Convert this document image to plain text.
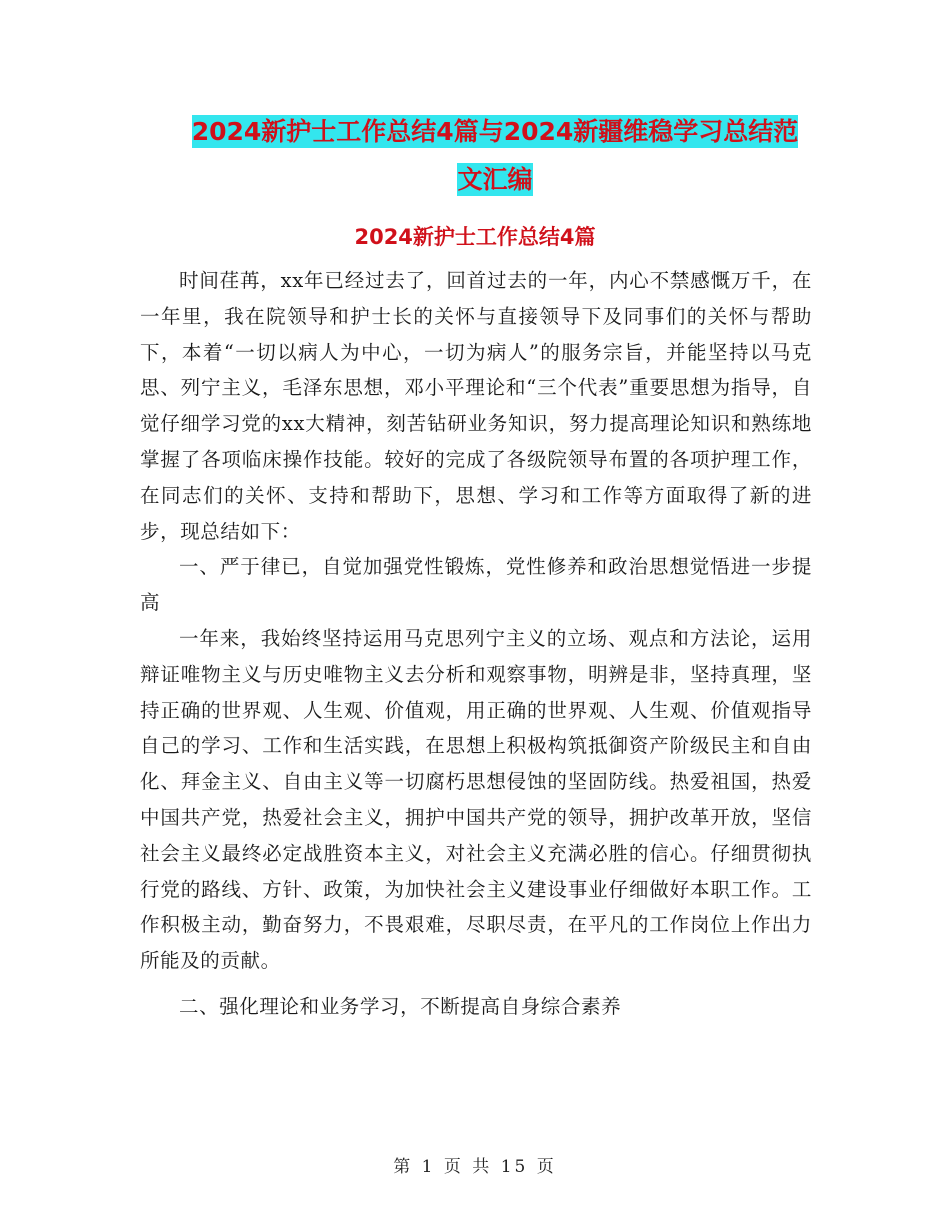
2024新护士工作总结4篇与2024新疆维稳学习总结范
文汇编
2024新护士工作总结4篇

时间荏苒，xx年已经过去了，回首过去的一年，内心不禁感慨万千，在一年里，我在院领导和护士长的关怀与直接领导下及同事们的关怀与帮助下，本着“一切以病人为中心，一切为病人”的服务宗旨，并能坚持以马克思、列宁主义，毛泽东思想，邓小平理论和“三个代表”重要思想为指导，自觉仔细学习党的xx大精神，刻苦钻研业务知识，努力提高理论知识和熟练地掌握了各项临床操作技能。较好的完成了各级院领导布置的各项护理工作，在同志们的关怀、支持和帮助下，思想、学习和工作等方面取得了新的进步，现总结如下：

一、严于律已，自觉加强党性锻炼，党性修养和政治思想觉悟进一步提高

一年来，我始终坚持运用马克思列宁主义的立场、观点和方法论，运用辩证唯物主义与历史唯物主义去分析和观察事物，明辨是非，坚持真理，坚持正确的世界观、人生观、价值观，用正确的世界观、人生观、价值观指导自己的学习、工作和生活实践，在思想上积极构筑抵御资产阶级民主和自由化、拜金主义、自由主义等一切腐朽思想侵蚀的坚固防线。热爱祖国，热爱中国共产党，热爱社会主义，拥护中国共产党的领导，拥护改革开放，坚信社会主义最终必定战胜资本主义，对社会主义充满必胜的信心。仔细贯彻执行党的路线、方针、政策，为加快社会主义建设事业仔细做好本职工作。工作积极主动，勤奋努力，不畏艰难，尽职尽责，在平凡的工作岗位上作出力所能及的贡献。

二、强化理论和业务学习，不断提高自身综合素养

第 1 页 共 15 页
